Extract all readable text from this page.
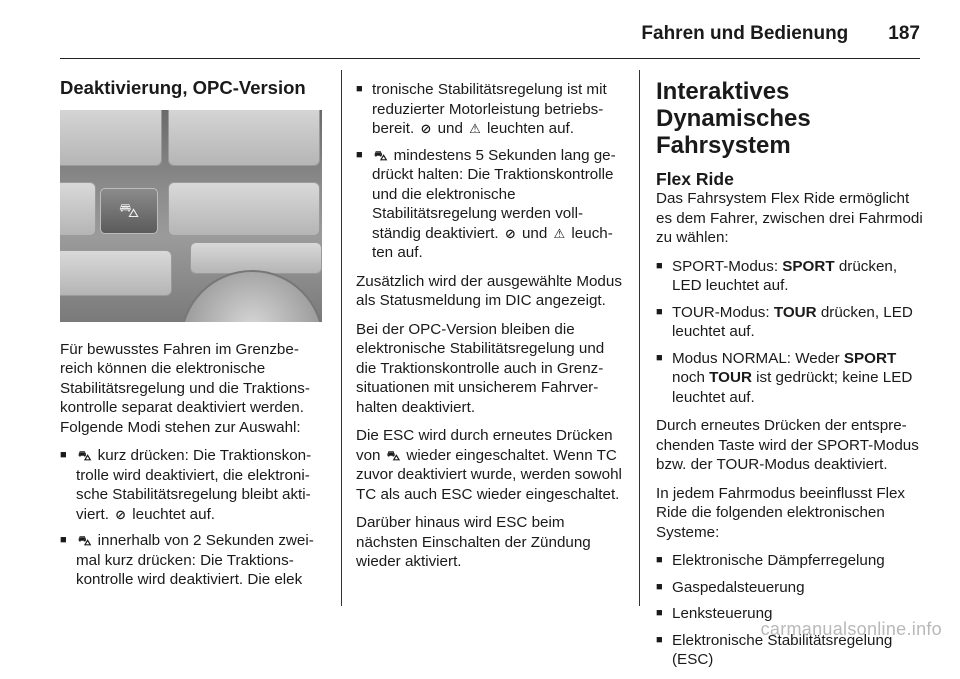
Fahren und Bedienung 187
Deaktivierung, OPC-Version
⛍

Für bewusstes Fahren im Grenzbereich können die elektronische Stabilitätsregelung und die Traktionskontrolle separat deaktiviert werden. Folgende Modi stehen zur Auswahl:

■ ⛍ kurz drücken: Die Traktionskontrolle wird deaktiviert, die elektronische Stabilitätsregelung bleibt aktiviert. ⊘ leuchtet auf.
■ ⛍ innerhalb von 2 Sekunden zweimal kurz drücken: Die Traktionskontrolle wird deaktiviert. Die elek
■ tronische Stabilitätsregelung ist mit reduzierter Motorleistung betriebsbereit. ⊘ und ⚠ leuchten auf.
■ ⛍ mindestens 5 Sekunden lang gedrückt halten: Die Traktionskontrolle und die elektronische Stabilitätsregelung werden vollständig deaktiviert. ⊘ und ⚠ leuchten auf.

Zusätzlich wird der ausgewählte Modus als Statusmeldung im DIC angezeigt.

Bei der OPC-Version bleiben die elektronische Stabilitätsregelung und die Traktionskontrolle auch in Grenzsituationen mit unsicherem Fahrverhalten deaktiviert.

Die ESC wird durch erneutes Drücken von ⛍ wieder eingeschaltet. Wenn TC zuvor deaktiviert wurde, werden sowohl TC als auch ESC wieder eingeschaltet.

Darüber hinaus wird ESC beim nächsten Einschalten der Zündung wieder aktiviert.

Interaktives Dynamisches Fahrsystem
Flex Ride

Das Fahrsystem Flex Ride ermöglicht es dem Fahrer, zwischen drei Fahrmodi zu wählen:

■ SPORT-Modus: SPORT drücken, LED leuchtet auf.
■ TOUR-Modus: TOUR drücken, LED leuchtet auf.
■ Modus NORMAL: Weder SPORT noch TOUR ist gedrückt; keine LED leuchtet auf.

Durch erneutes Drücken der entsprechenden Taste wird der SPORT-Modus bzw. der TOUR-Modus deaktiviert.

In jedem Fahrmodus beeinflusst Flex Ride die folgenden elektronischen Systeme:

■ Elektronische Dämpferregelung
■ Gaspedalsteuerung
■ Lenksteuerung
■ Elektronische Stabilitätsregelung (ESC)
carmanualsonline.info
